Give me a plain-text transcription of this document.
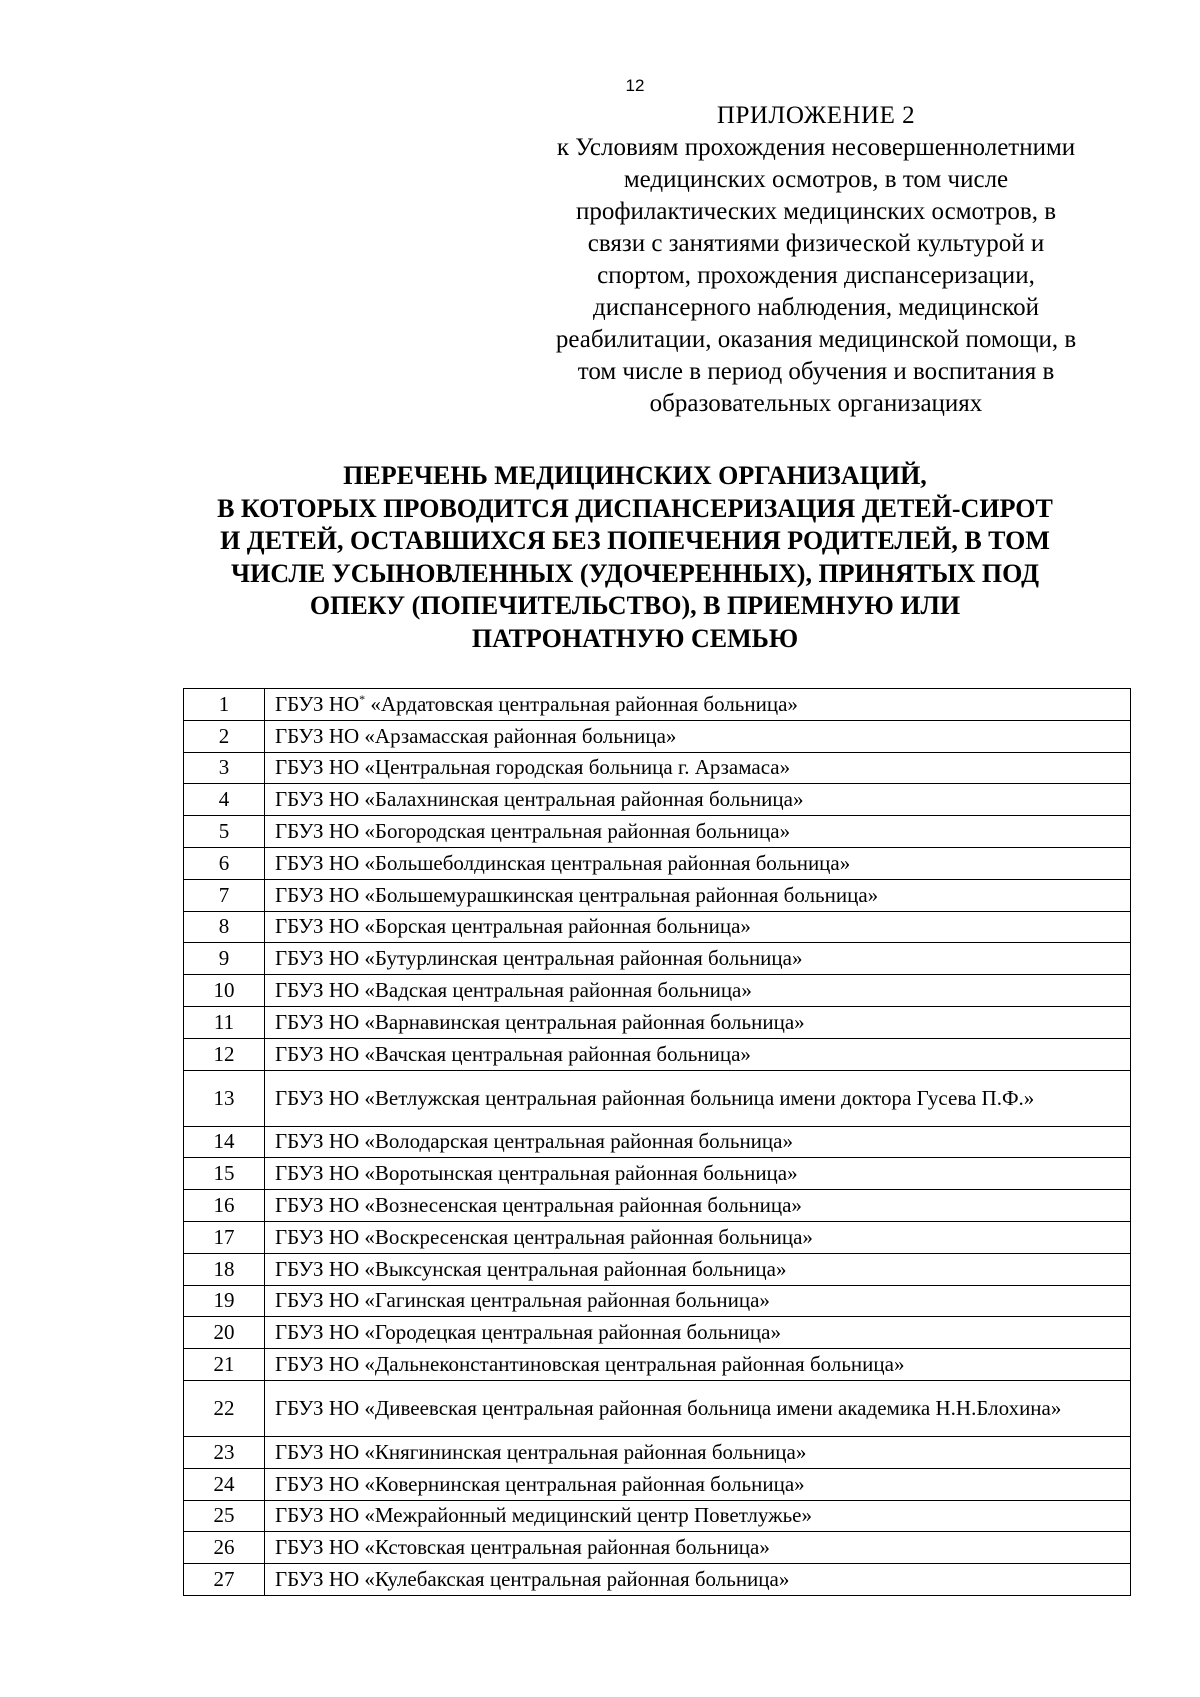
12
ПРИЛОЖЕНИЕ 2
к Условиям прохождения несовершеннолетними
медицинских осмотров, в том числе
профилактических медицинских осмотров, в
связи с занятиями физической культурой и
спортом, прохождения диспансеризации,
диспансерного наблюдения, медицинской
реабилитации, оказания медицинской помощи, в
том числе в период обучения и воспитания в
образовательных организациях
ПЕРЕЧЕНЬ МЕДИЦИНСКИХ ОРГАНИЗАЦИЙ,
В КОТОРЫХ ПРОВОДИТСЯ ДИСПАНСЕРИЗАЦИЯ ДЕТЕЙ-СИРОТ
И ДЕТЕЙ, ОСТАВШИХСЯ БЕЗ ПОПЕЧЕНИЯ РОДИТЕЛЕЙ, В ТОМ
ЧИСЛЕ УСЫНОВЛЕННЫХ (УДОЧЕРЕННЫХ), ПРИНЯТЫХ ПОД
ОПЕКУ (ПОПЕЧИТЕЛЬСТВО), В ПРИЕМНУЮ ИЛИ
ПАТРОНАТНУЮ СЕМЬЮ
1	ГБУЗ НО* «Ардатовская центральная районная больница»
2	ГБУЗ НО «Арзамасская районная больница»
3	ГБУЗ НО «Центральная городская больница г. Арзамаса»
4	ГБУЗ НО «Балахнинская центральная районная больница»
5	ГБУЗ НО «Богородская центральная районная больница»
6	ГБУЗ НО «Большеболдинская центральная районная больница»
7	ГБУЗ НО «Большемурашкинская центральная районная больница»
8	ГБУЗ НО «Борская центральная районная больница»
9	ГБУЗ НО «Бутурлинская центральная районная больница»
10	ГБУЗ НО «Вадская центральная районная больница»
11	ГБУЗ НО «Варнавинская центральная районная больница»
12	ГБУЗ НО «Вачская центральная районная больница»
13	ГБУЗ НО «Ветлужская центральная районная больница имени доктора Гусева П.Ф.»
14	ГБУЗ НО «Володарская центральная районная больница»
15	ГБУЗ НО «Воротынская центральная районная больница»
16	ГБУЗ НО «Вознесенская центральная районная больница»
17	ГБУЗ НО «Воскресенская центральная районная больница»
18	ГБУЗ НО «Выксунская центральная районная больница»
19	ГБУЗ НО «Гагинская центральная районная больница»
20	ГБУЗ НО «Городецкая центральная районная больница»
21	ГБУЗ НО «Дальнеконстантиновская центральная районная больница»
22	ГБУЗ НО «Дивеевская центральная районная больница имени академика Н.Н.Блохина»
23	ГБУЗ НО «Княгининская центральная районная больница»
24	ГБУЗ НО «Ковернинская центральная районная больница»
25	ГБУЗ НО «Межрайонный медицинский центр Поветлужье»
26	ГБУЗ НО «Кстовская центральная районная больница»
27	ГБУЗ НО «Кулебакская центральная районная больница»
